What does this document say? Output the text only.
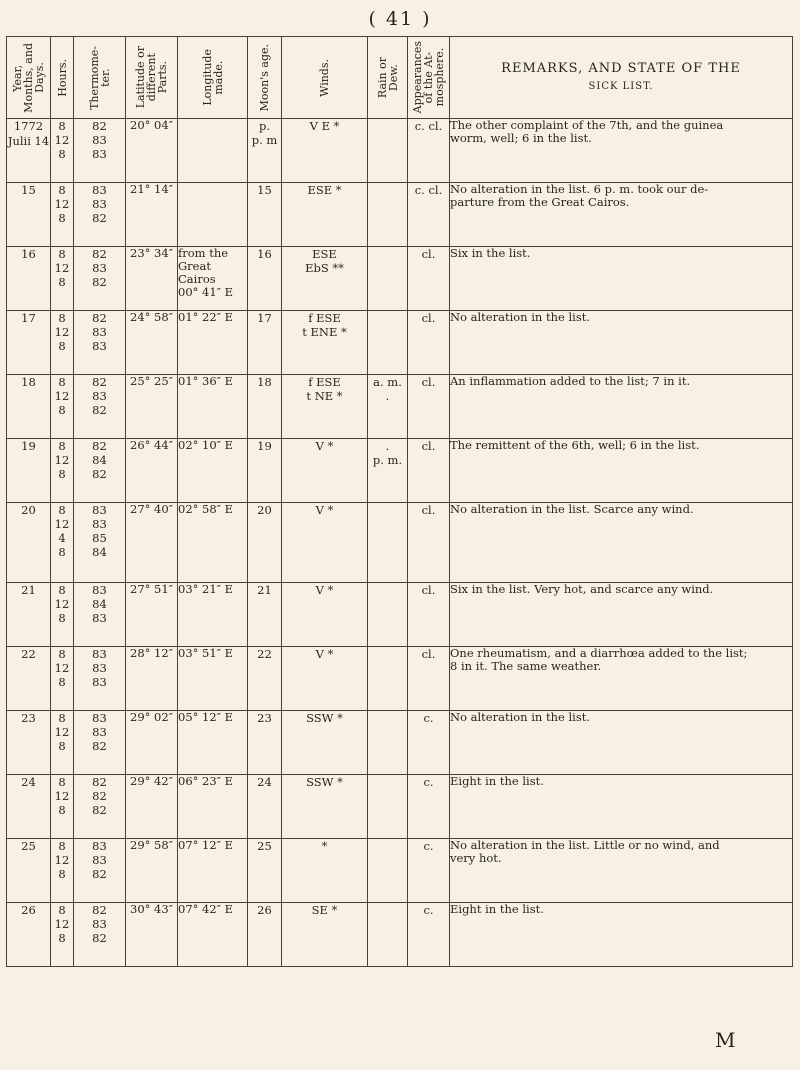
( 41 )
Year,
Months, and
Days.	Hours.	Thermome-
ter.	Latitude or
different
Parts.	Longitude
made.	Moon's age.	Winds.	Rain or
Dew.	Appearances
of the At-
mosphere.	REMARKS, AND STATE OF THE
SICK LIST.

1772
Julii 14	8
12
8	82
83
83	20° 04″		p.
p. m	V E *		c. cl.	The other complaint of the 7th, and the guinea
worm, well; 6 in the list.

15	8
12
8	83
83
82	21° 14″		15	ESE *		c. cl.	No alteration in the list. 6 p. m. took our de-
parture from the Great Cairos.

16	8
12
8	82
83
82	23° 34″	from the
Great Cairos
00° 41″ E	16	ESE
EbS **		cl.	Six in the list.

17	8
12
8	82
83
83	24° 58″	01° 22″ E	17	f ESE
t ENE *		cl.	No alteration in the list.

18	8
12
8	82
83
82	25° 25″	01° 36″ E	18	f ESE
t NE *	a. m.
.	cl.	An inflammation added to the list; 7 in it.

19	8
12
8	82
84
82	26° 44″	02° 10″ E	19	V *	.
p. m.	cl.	The remittent of the 6th, well; 6 in the list.

20	8
12
4
8	83
83
85
84	27° 40″	02° 58″ E	20	V *		cl.	No alteration in the list. Scarce any wind.

21	8
12
8	83
84
83	27° 51″	03° 21″ E	21	V *		cl.	Six in the list. Very hot, and scarce any wind.

22	8
12
8	83
83
83	28° 12″	03° 51″ E	22	V *		cl.	One rheumatism, and a diarrhœa added to the list;
8 in it. The same weather.

23	8
12
8	83
83
82	29° 02″	05° 12″ E	23	SSW *		c.	No alteration in the list.

24	8
12
8	82
82
82	29° 42″	06° 23″ E	24	SSW *		c.	Eight in the list.

25	8
12
8	83
83
82	29° 58″	07° 12″ E	25	*		c.	No alteration in the list. Little or no wind, and
very hot.

26	8
12
8	82
83
82	30° 43″	07° 42″ E	26	SE *		c.	Eight in the list.
M
